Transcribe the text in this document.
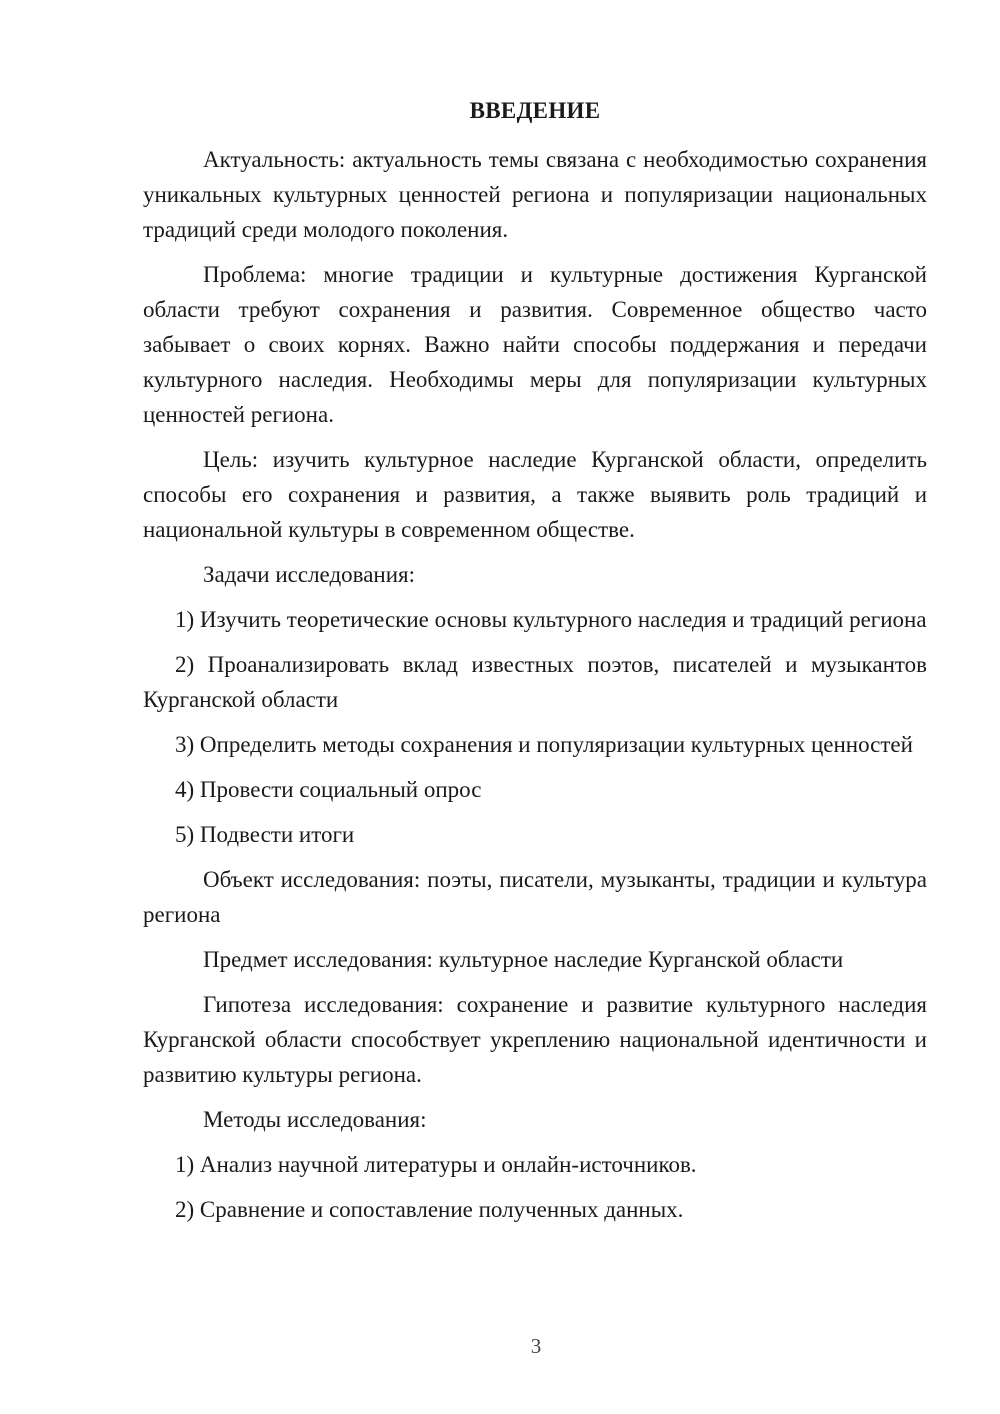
ВВЕДЕНИЕ

Актуальность: актуальность темы связана с необходимостью сохранения уникальных культурных ценностей региона и популяризации национальных традиций среди молодого поколения.

Проблема: многие традиции и культурные достижения Курганской области требуют сохранения и развития. Современное общество часто забывает о своих корнях. Важно найти способы поддержания и передачи культурного наследия. Необходимы меры для популяризации культурных ценностей региона.

Цель: изучить культурное наследие Курганской области, определить способы его сохранения и развития, а также выявить роль традиций и национальной культуры в современном обществе.

Задачи исследования:

1) Изучить теоретические основы культурного наследия и традиций региона

2) Проанализировать вклад известных поэтов, писателей и музыкантов Курганской области

3) Определить методы сохранения и популяризации культурных ценностей

4) Провести социальный опрос

5) Подвести итоги

Объект исследования: поэты, писатели, музыканты, традиции и культура региона

Предмет исследования: культурное наследие Курганской области

Гипотеза исследования: сохранение и развитие культурного наследия Курганской области способствует укреплению национальной идентичности и развитию культуры региона.

Методы исследования:

1) Анализ научной литературы и онлайн-источников.

2) Сравнение и сопоставление полученных данных.

3
